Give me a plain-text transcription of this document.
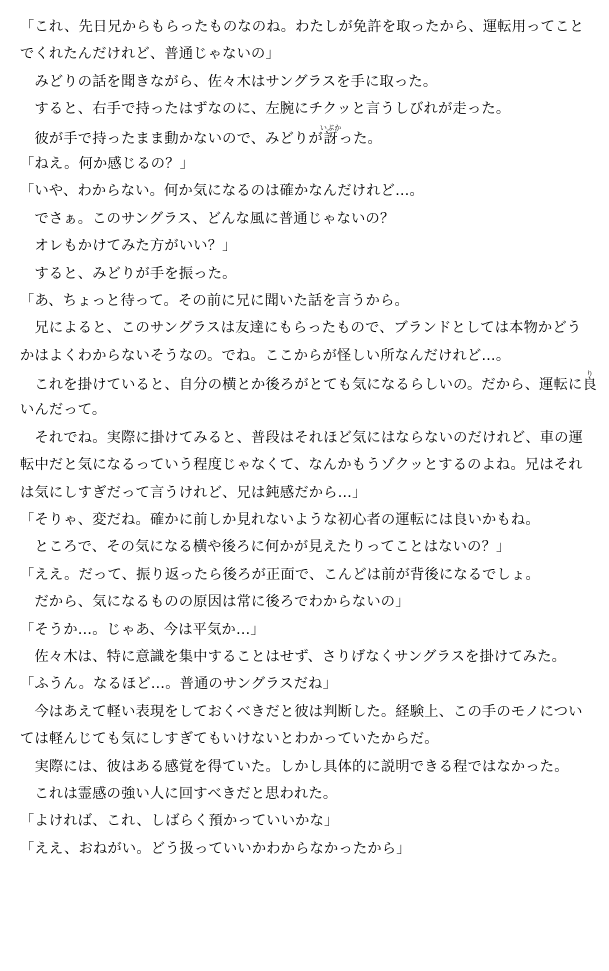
「これ、先日兄からもらったものなのね。わたしが免許を取ったから、運転用ってこと
でくれたんだけれど、普通じゃないの」
　みどりの話を聞きながら、佐々木はサングラスを手に取った。
　すると、右手で持ったはずなのに、左腕にチクッと言うしびれが走った。
　彼が手で持ったまま動かないので、みどりが訝いぶかった。
「ねえ。何か感じるの？」
「いや、わからない。何か気になるのは確かなんだけれど…。
　でさぁ。このサングラス、どんな風に普通じゃないの？
　オレもかけてみた方がいい？」
　すると、みどりが手を振った。
「あ、ちょっと待って。その前に兄に聞いた話を言うから。
　兄によると、このサングラスは友達にもらったもので、ブランドとしては本物かどう
かはよくわからないそうなの。でね。ここからが怪しい所なんだけれど…。
　これを掛けていると、自分の横とか後ろがとても気になるらしいの。だから、運転に良り
いんだって。
　それでね。実際に掛けてみると、普段はそれほど気にはならないのだけれど、車の運
転中だと気になるっていう程度じゃなくて、なんかもうゾクッとするのよね。兄はそれ
は気にしすぎだって言うけれど、兄は鈍感だから…」
「そりゃ、変だね。確かに前しか見れないような初心者の運転には良いかもね。
　ところで、その気になる横や後ろに何かが見えたりってことはないの？」
「ええ。だって、振り返ったら後ろが正面で、こんどは前が背後になるでしょ。
　だから、気になるものの原因は常に後ろでわからないの」
「そうか…。じゃあ、今は平気か…」
　佐々木は、特に意識を集中することはせず、さりげなくサングラスを掛けてみた。
「ふうん。なるほど…。普通のサングラスだね」
　今はあえて軽い表現をしておくべきだと彼は判断した。経験上、この手のモノについ
ては軽んじても気にしすぎてもいけないとわかっていたからだ。
　実際には、彼はある感覚を得ていた。しかし具体的に説明できる程ではなかった。
　これは霊感の強い人に回すべきだと思われた。
「よければ、これ、しばらく預かっていいかな」
「ええ、おねがい。どう扱っていいかわからなかったから」
